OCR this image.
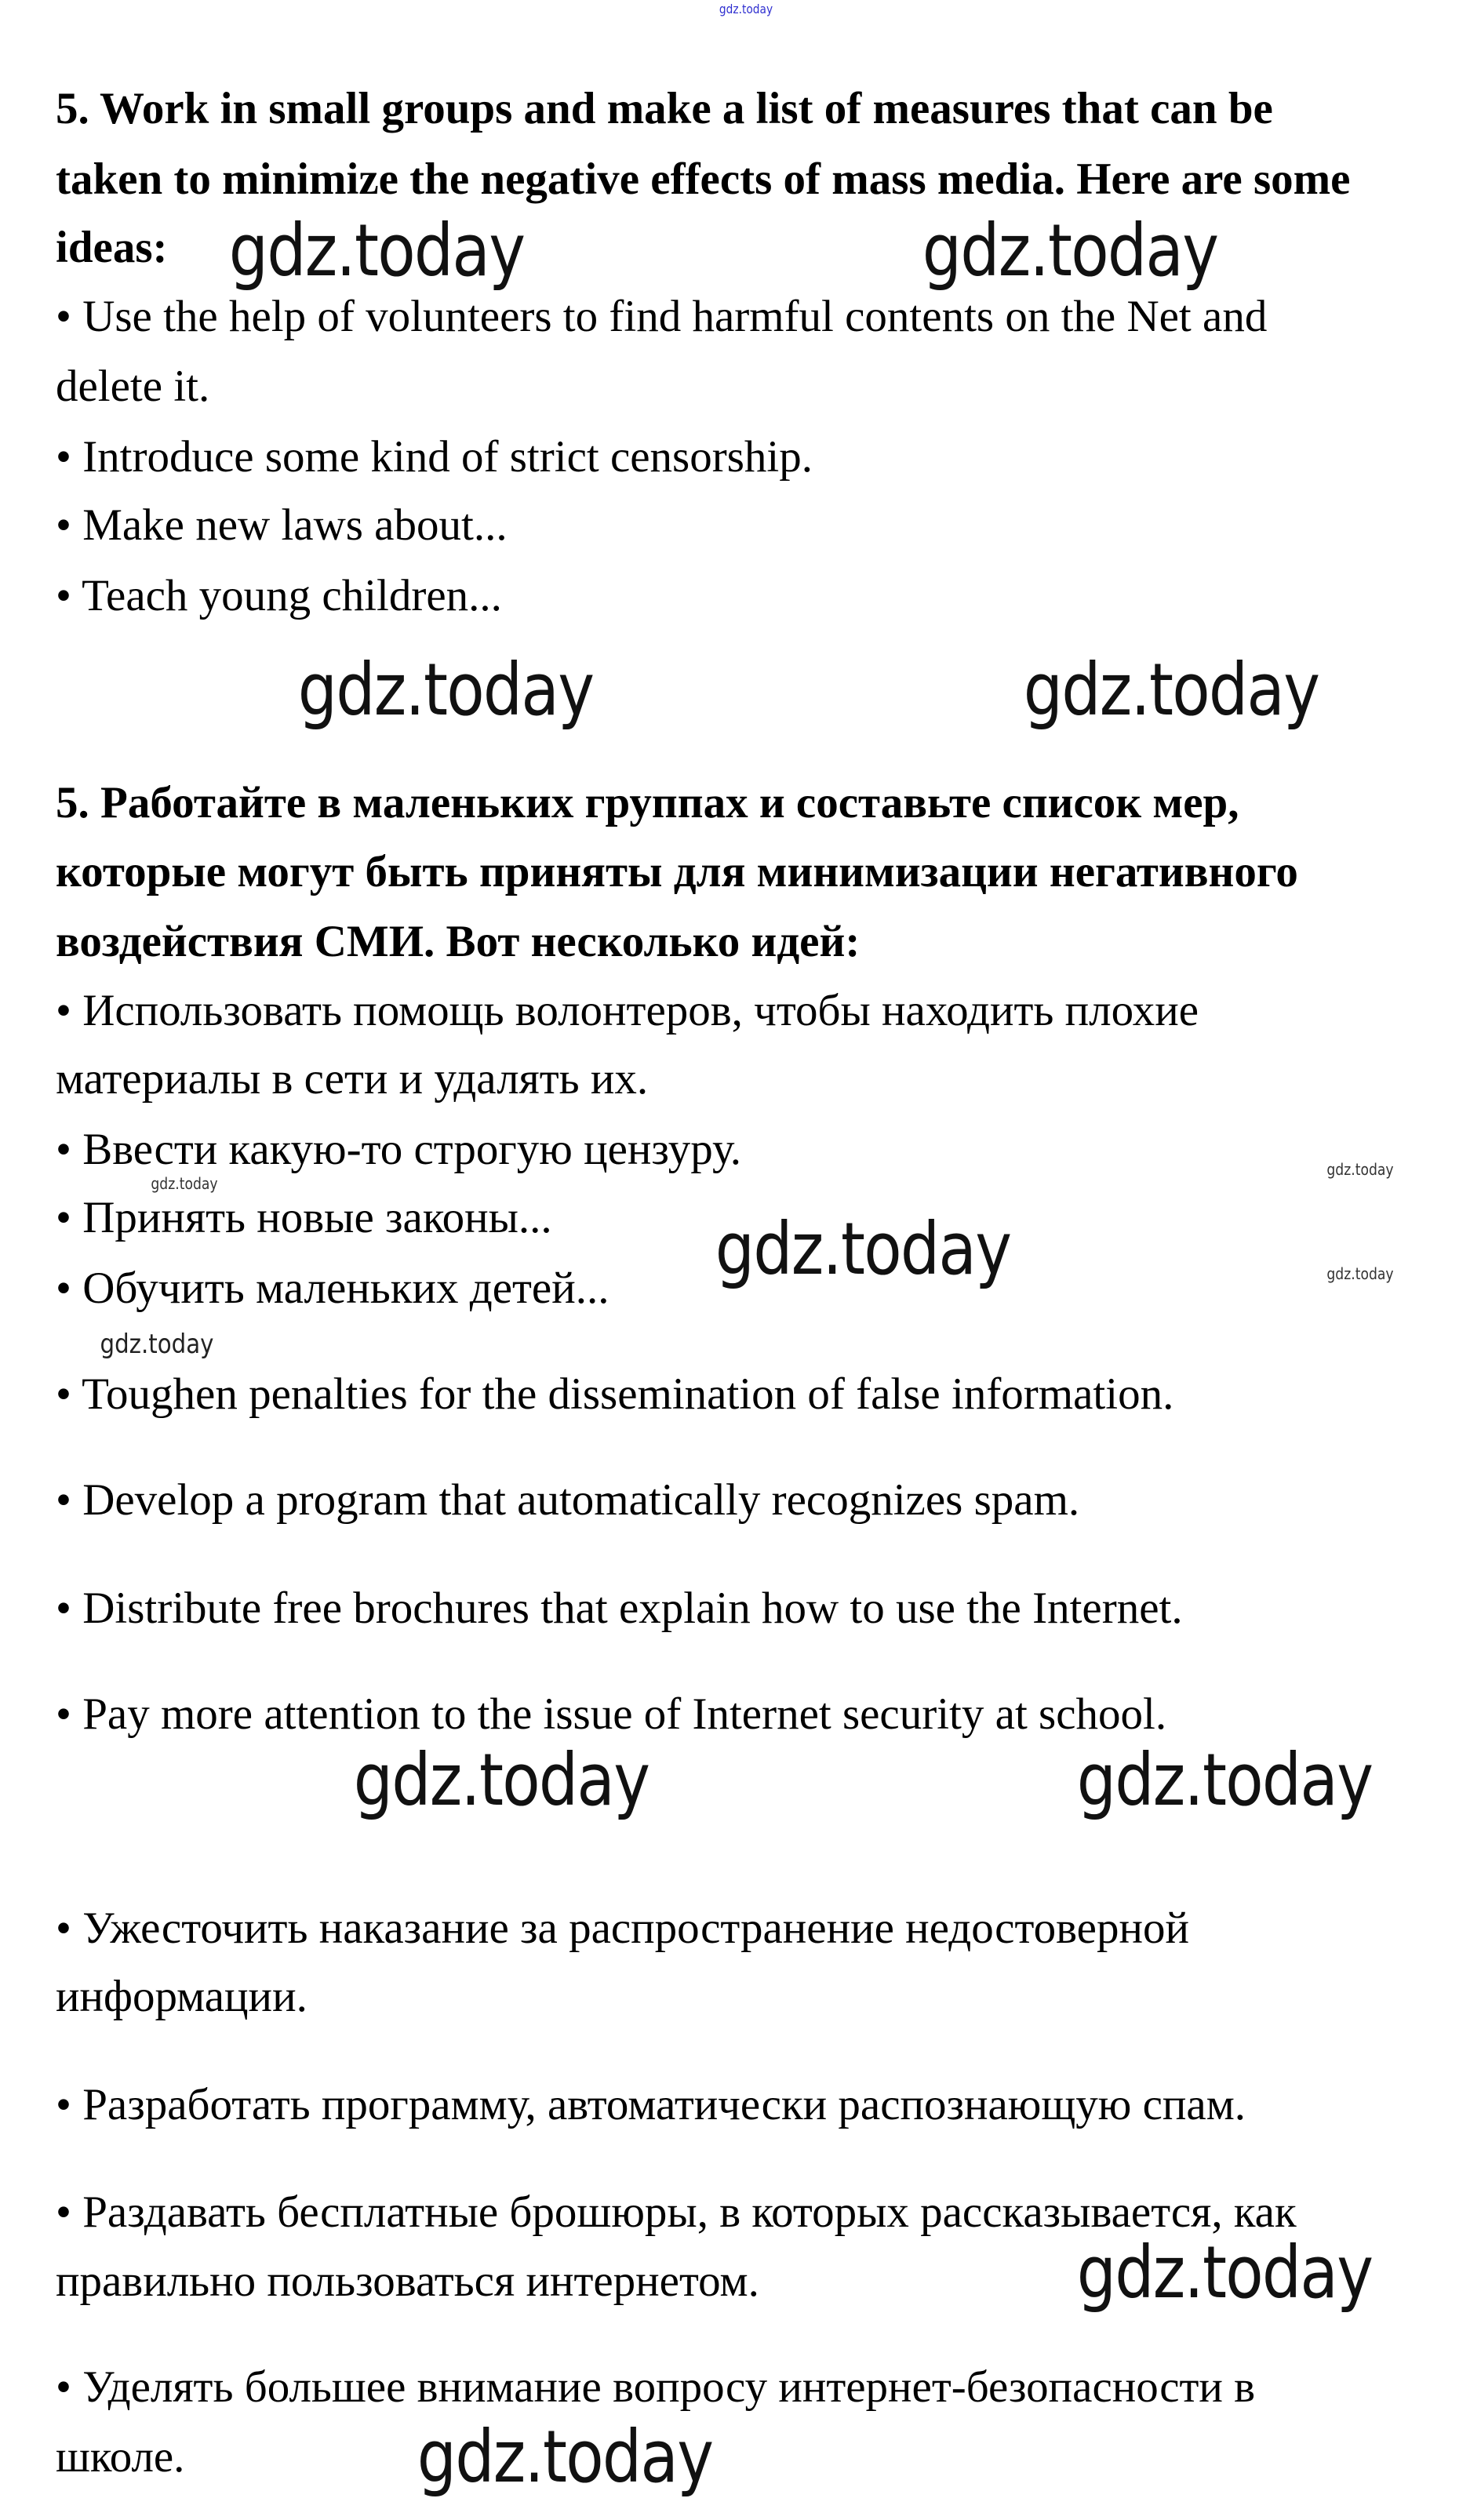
5. Work in small groups and make a list of measures that can be
taken to minimize the negative effects of mass media. Here are some
ideas:
• Use the help of volunteers to find harmful contents on the Net and
delete it.
• Introduce some kind of strict censorship.
• Make new laws about...
• Teach young children...
5. Работайте в маленьких группах и составьте список мер,
которые могут быть приняты для минимизации негативного
воздействия СМИ. Вот несколько идей:
• Использовать помощь волонтеров, чтобы находить плохие
материалы в сети и удалять их.
• Ввести какую-то строгую цензуру.
• Принять новые законы...
• Обучить маленьких детей...
• Toughen penalties for the dissemination of false information.
• Develop a program that automatically recognizes spam.
• Distribute free brochures that explain how to use the Internet.
• Pay more attention to the issue of Internet security at school.
• Ужесточить наказание за распространение недостоверной
информации.
• Разработать программу, автоматически распознающую спам.
• Раздавать бесплатные брошюры, в которых рассказывается, как
правильно пользоваться интернетом.
• Уделять большее внимание вопросу интернет-безопасности в
школе.
gdz.today
gdz.today	gdz.today
gdz.today	gdz.today
gdz.today
gdz.today
gdz.today	gdz.today
gdz.today
gdz.today	gdz.today
gdz.today
gdz.today
